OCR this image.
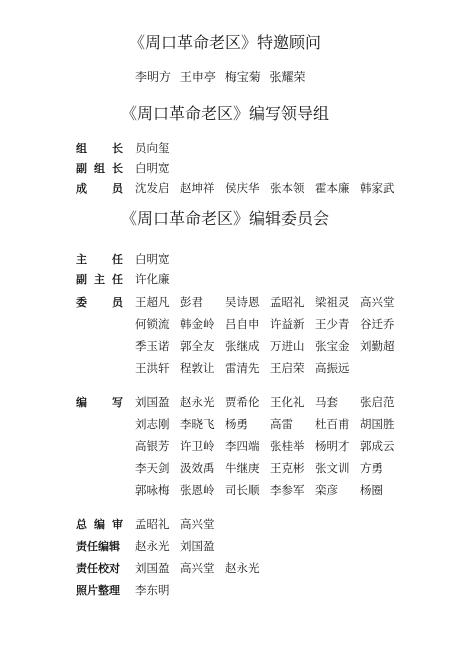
《周口革命老区》特邀顾问
李明方 王申亭 梅宝菊 张耀荣
《周口革命老区》编写领导组
组 长 员向玺
副 组 长 白明宽
成 员 沈发启 赵坤祥 侯庆华 张本领 霍本廉 韩家武
《周口革命老区》编辑委员会
主 任 白明宽
副 主 任 许化廉
委 员 王超凡 彭君 吴诗恩 孟昭礼 梁祖灵 高兴堂
何锁流 韩金岭 吕自申 许益新 王少青 谷迁乔
季玉诺 郭全友 张继成 万进山 张宝金 刘勤超
王洪轩 程敦让 雷清先 王启荣 高振远
编 写 刘国盈 赵永光 贾希伦 王化礼 马套 张启范
刘志刚 李晓飞 杨勇 高雷 杜百甫 胡国胜
高银芳 许卫岭 李四端 张桂举 杨明才 郭成云
李天剑 汲效禹 牛继庚 王克彬 张文训 方勇
郭咏梅 张恩岭 司长顺 李参军 栾彦 杨圈
总 编 审 孟昭礼 高兴堂
责任编辑 赵永光 刘国盈
责任校对 刘国盈 高兴堂 赵永光
照片整理 李东明
